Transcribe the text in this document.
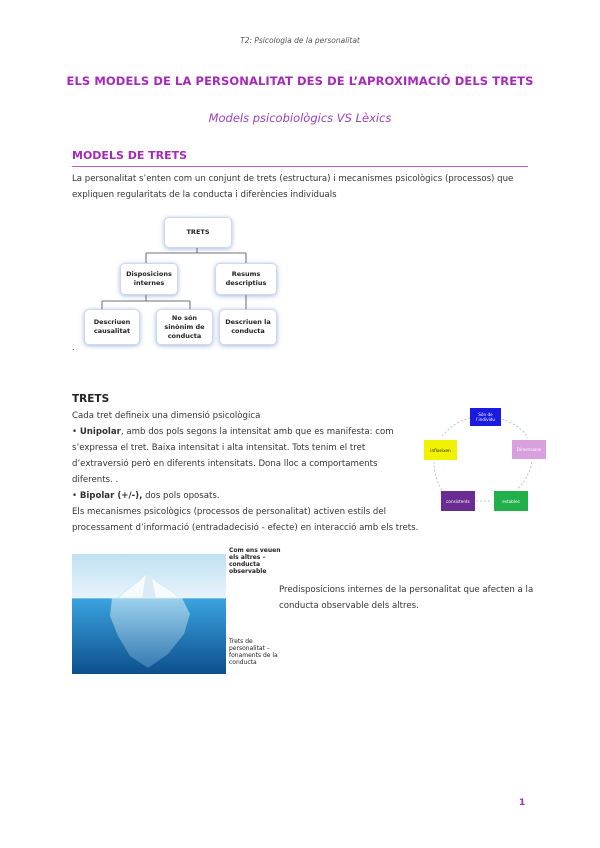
T2: Psicologia de la personalitat
ELS MODELS DE LA PERSONALITAT DES DE L’APROXIMACIÓ DELS TRETS
Models psicobiològics VS Lèxics
MODELS DE TRETS
La personalitat s’enten com un conjunt de trets (estructura) i mecanismes psicològics (processos) que expliquen regularitats de la conducta i diferències individuals
TRETS
Disposicions internes
Resums descriptius
Descriuen causalitat
No són sinònim de conducta
Descriuen la conducta
.
TRETS
Cada tret defineix una dimensió psicològica
• Unipolar, amb dos pols segons la intensitat amb que es manifesta: com
s’expressa el tret. Baixa intensitat i alta intensitat. Tots tenim el tret
d’extraversió però en diferents intensitats. Dona lloc a comportaments
diferents. .
• Bipolar (+/-), dos pols oposats.
Els mecanismes psicològics (processos de personalitat) activen estils del
processament d’informació (entradadecisió - efecte) en interacció amb els trets.
Són de l’individu
Dimensions
estables
consistents
influeixen
Com ens veuen els altres – conducta observable
Trets de personalitat – fonaments de la conducta
Predisposicions internes de la personalitat que afecten a la conducta observable dels altres.
1
